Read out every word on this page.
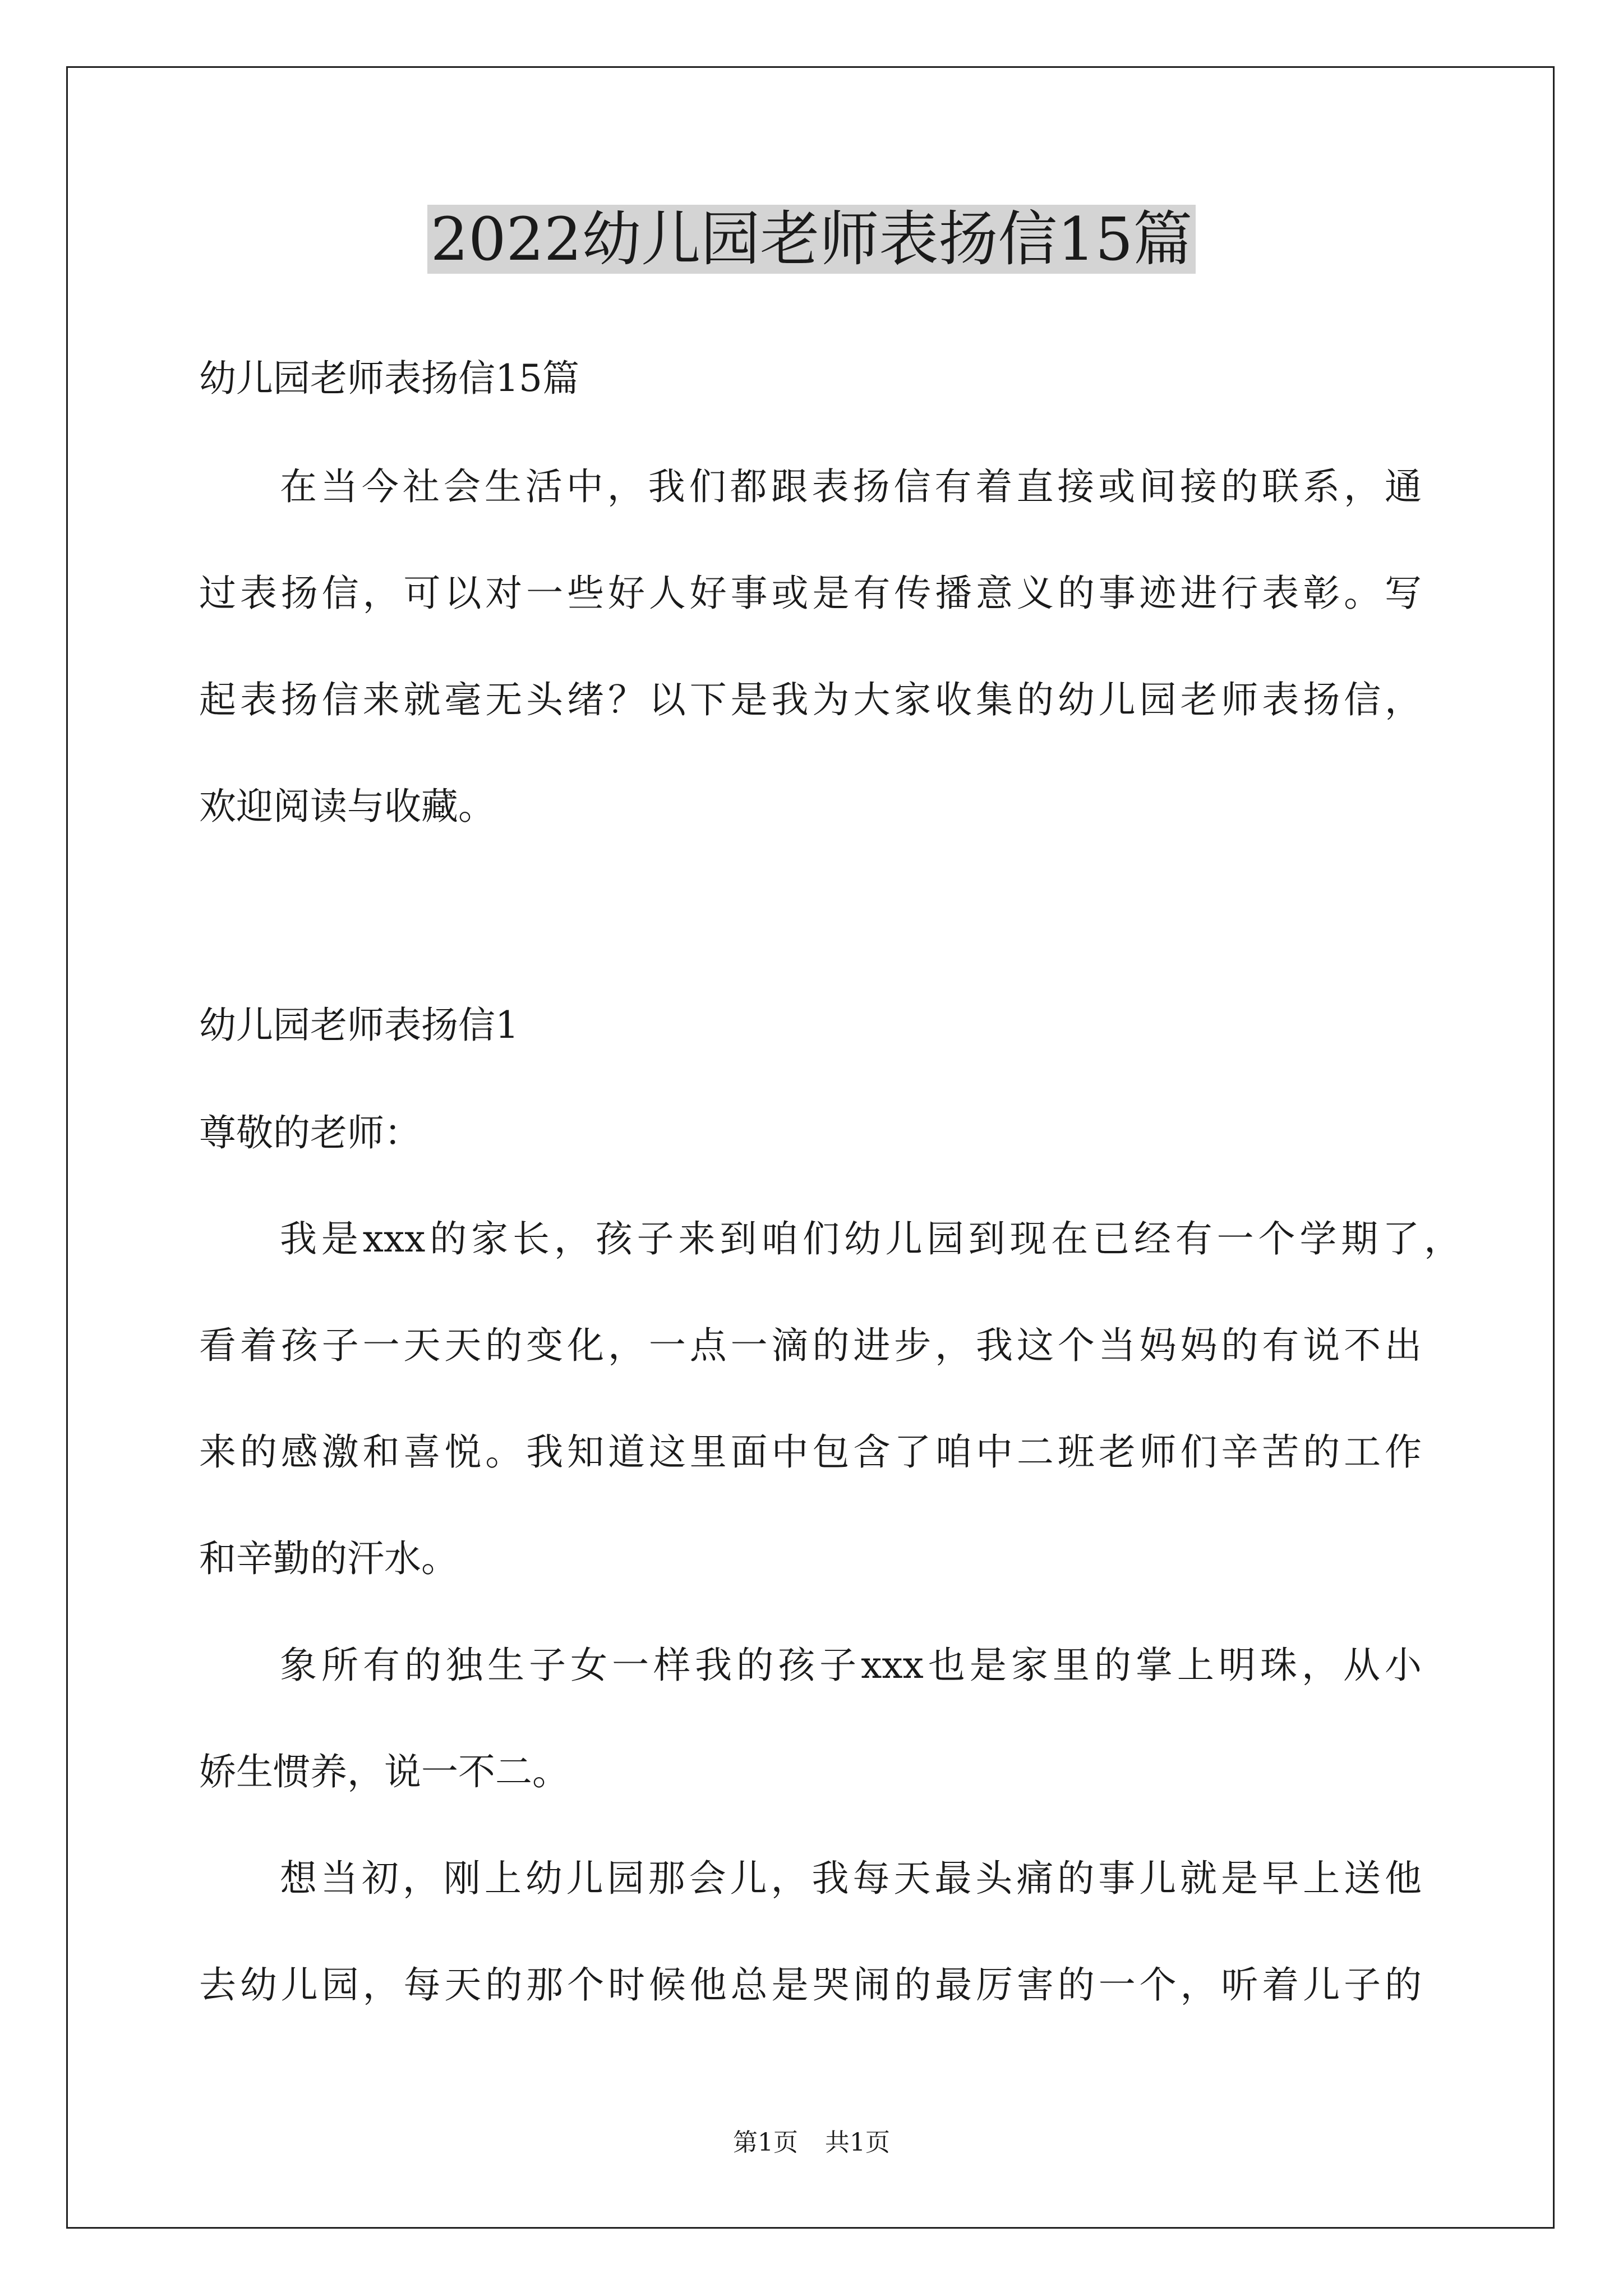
2022幼儿园老师表扬信15篇
幼儿园老师表扬信15篇
在当今社会生活中，我们都跟表扬信有着直接或间接的联系，通
过表扬信，可以对一些好人好事或是有传播意义的事迹进行表彰。写
起表扬信来就毫无头绪？以下是我为大家收集的幼儿园老师表扬信，
欢迎阅读与收藏。
幼儿园老师表扬信1
尊敬的老师：
我是xxx的家长，孩子来到咱们幼儿园到现在已经有一个学期了，
看着孩子一天天的变化，一点一滴的进步，我这个当妈妈的有说不出
来的感激和喜悦。我知道这里面中包含了咱中二班老师们辛苦的工作
和辛勤的汗水。
象所有的独生子女一样我的孩子xxx也是家里的掌上明珠，从小
娇生惯养，说一不二。
想当初，刚上幼儿园那会儿，我每天最头痛的事儿就是早上送他
去幼儿园，每天的那个时候他总是哭闹的最厉害的一个，听着儿子的
第1页 共1页
